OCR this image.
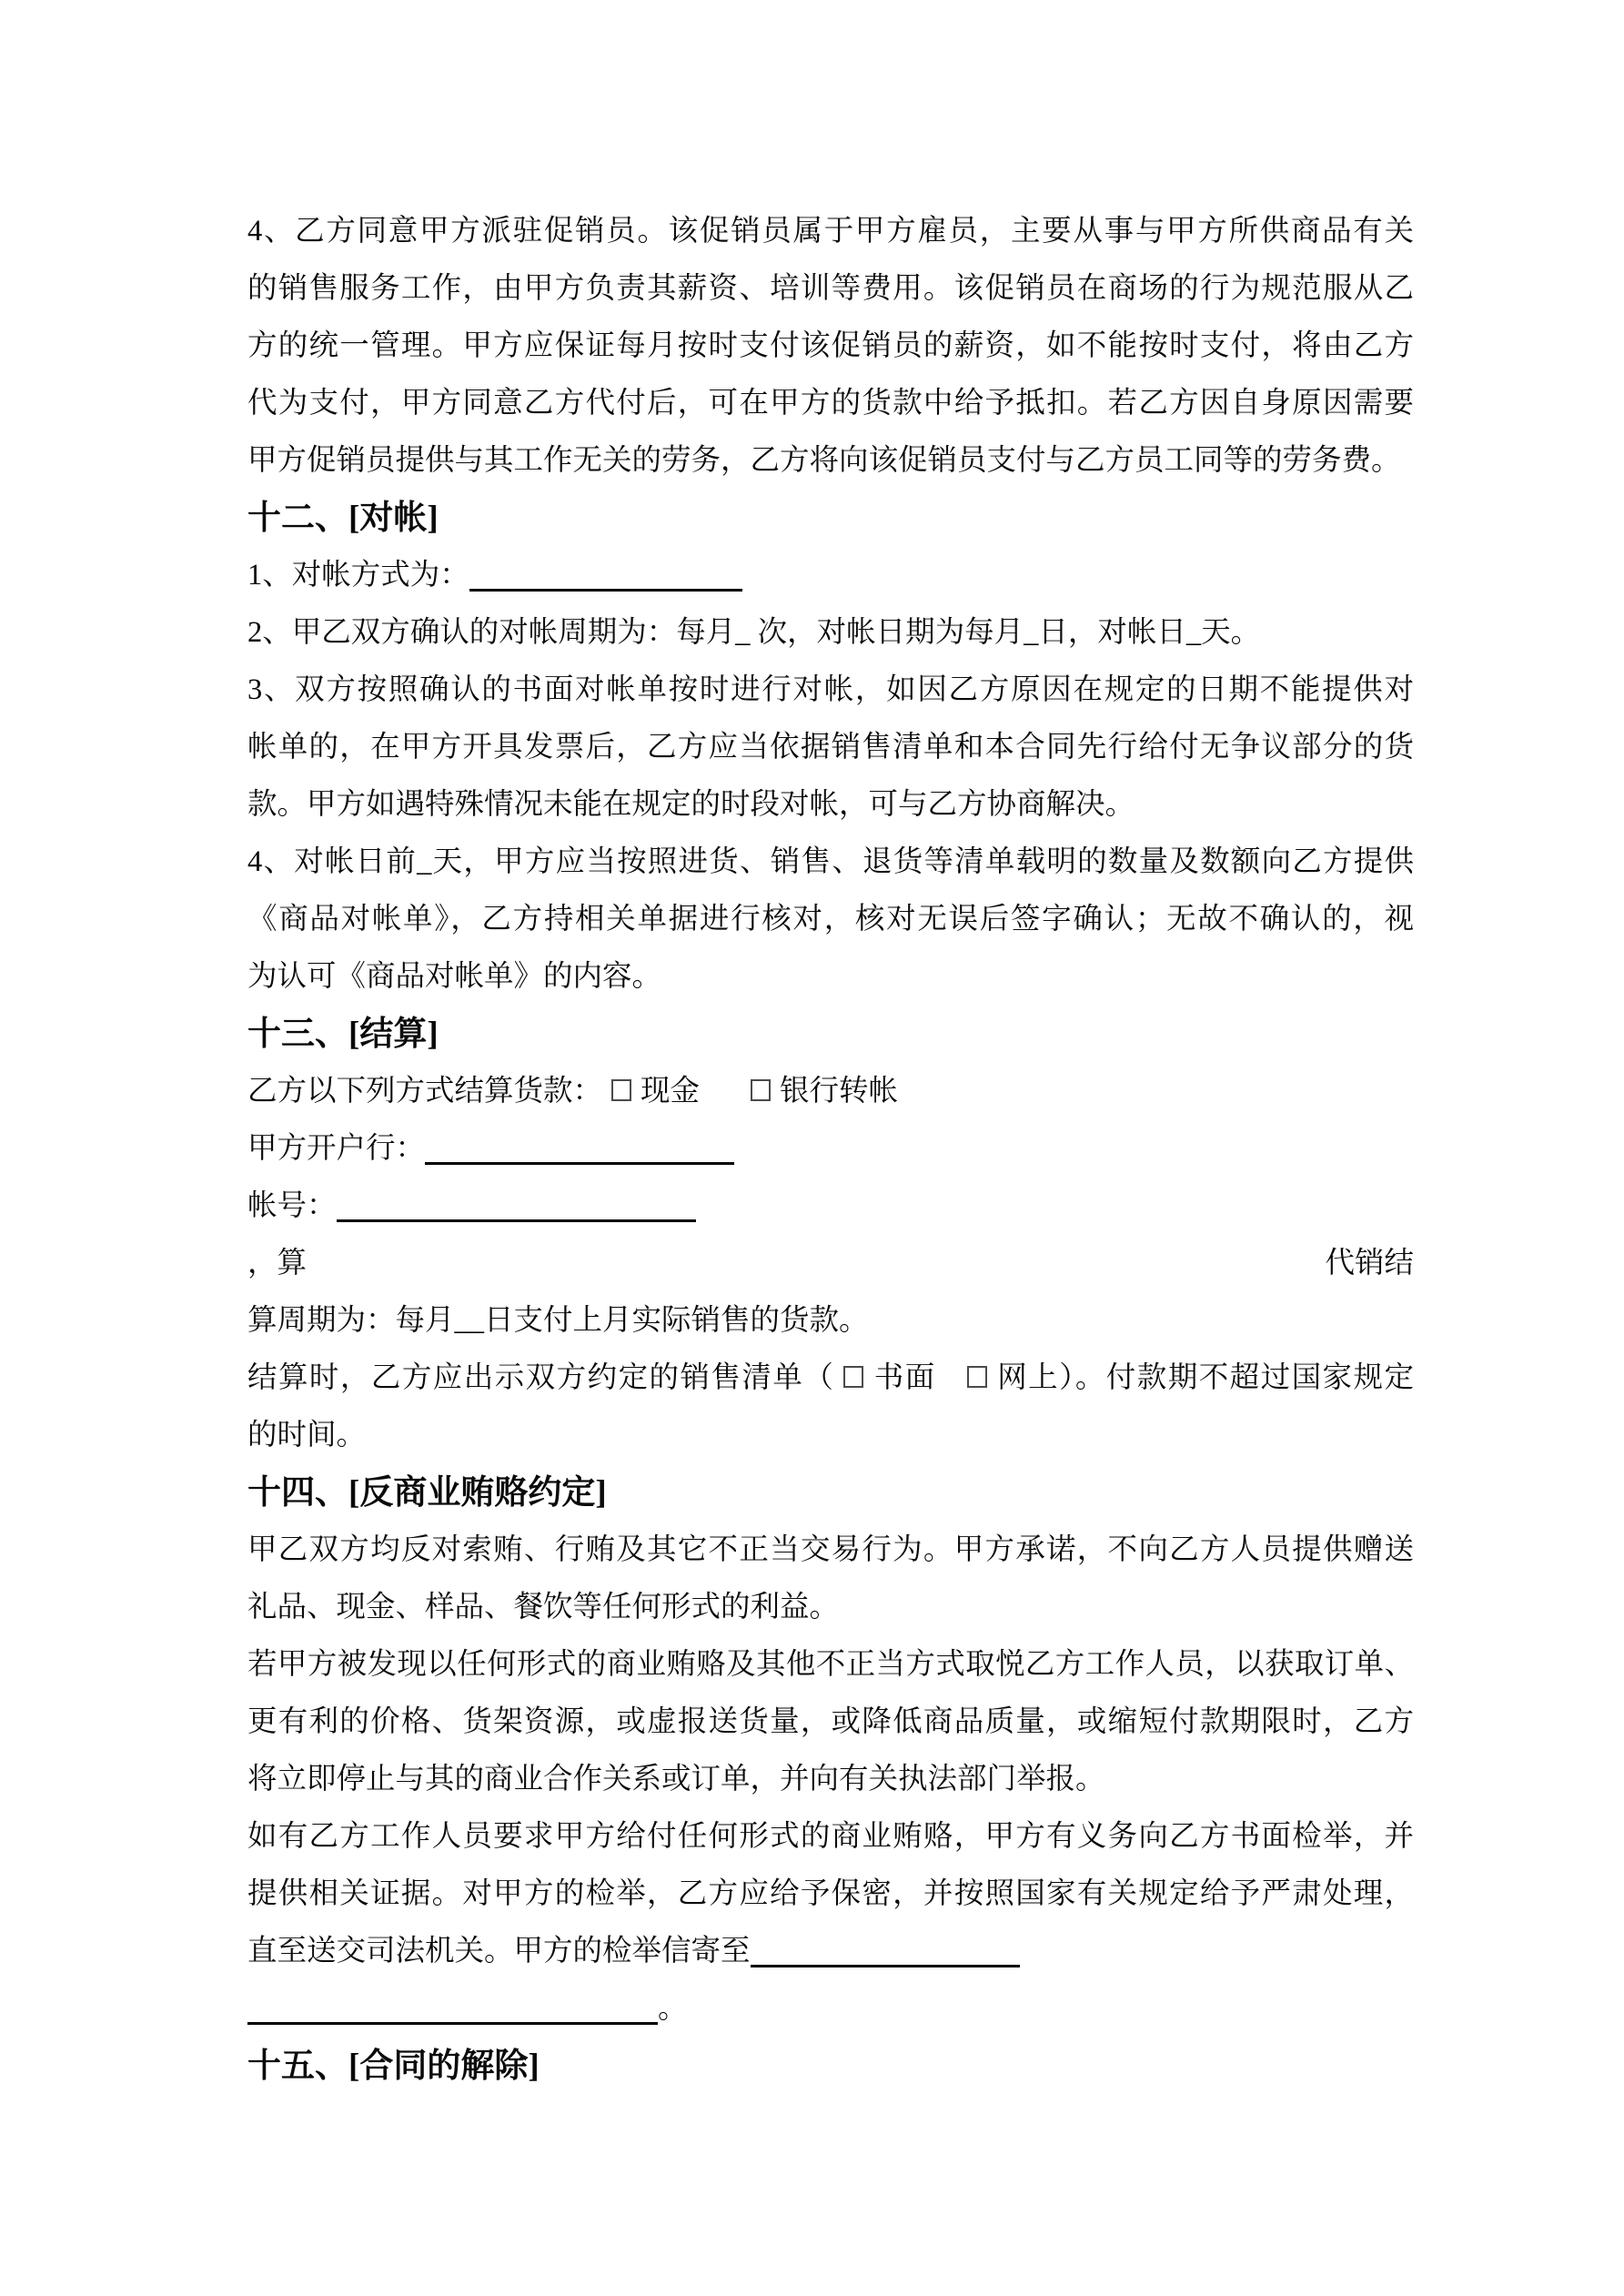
4、乙方同意甲方派驻促销员。该促销员属于甲方雇员，主要从事与甲方所供商品有关
的销售服务工作，由甲方负责其薪资、培训等费用。该促销员在商场的行为规范服从乙
方的统一管理。甲方应保证每月按时支付该促销员的薪资，如不能按时支付，将由乙方
代为支付，甲方同意乙方代付后，可在甲方的货款中给予抵扣。若乙方因自身原因需要
甲方促销员提供与其工作无关的劳务，乙方将向该促销员支付与乙方员工同等的劳务费。
十二、[对帐]
1、对帐方式为：
2、甲乙双方确认的对帐周期为：每月_ 次，对帐日期为每月_日，对帐日_天。
3、双方按照确认的书面对帐单按时进行对帐，如因乙方原因在规定的日期不能提供对
帐单的，在甲方开具发票后，乙方应当依据销售清单和本合同先行给付无争议部分的货
款。甲方如遇特殊情况未能在规定的时段对帐，可与乙方协商解决。
4、对帐日前_天，甲方应当按照进货、销售、退货等清单载明的数量及数额向乙方提供
《商品对帐单》，乙方持相关单据进行核对，核对无误后签字确认；无故不确认的，视
为认可《商品对帐单》的内容。
十三、[结算]
乙方以下列方式结算货款： 现金	银行转帐
甲方开户行：
帐号：
，算	代销结
算周期为：每月__日支付上月实际销售的货款。
结算时，乙方应出示双方约定的销售清单（ 书面 网上）。付款期不超过国家规定
的时间。
十四、[反商业贿赂约定]
甲乙双方均反对索贿、行贿及其它不正当交易行为。甲方承诺，不向乙方人员提供赠送
礼品、现金、样品、餐饮等任何形式的利益。
若甲方被发现以任何形式的商业贿赂及其他不正当方式取悦乙方工作人员，以获取订单、
更有利的价格、货架资源，或虚报送货量，或降低商品质量，或缩短付款期限时，乙方
将立即停止与其的商业合作关系或订单，并向有关执法部门举报。
如有乙方工作人员要求甲方给付任何形式的商业贿赂，甲方有义务向乙方书面检举，并
提供相关证据。对甲方的检举，乙方应给予保密，并按照国家有关规定给予严肃处理，
直至送交司法机关。甲方的检举信寄至
。
十五、[合同的解除]
